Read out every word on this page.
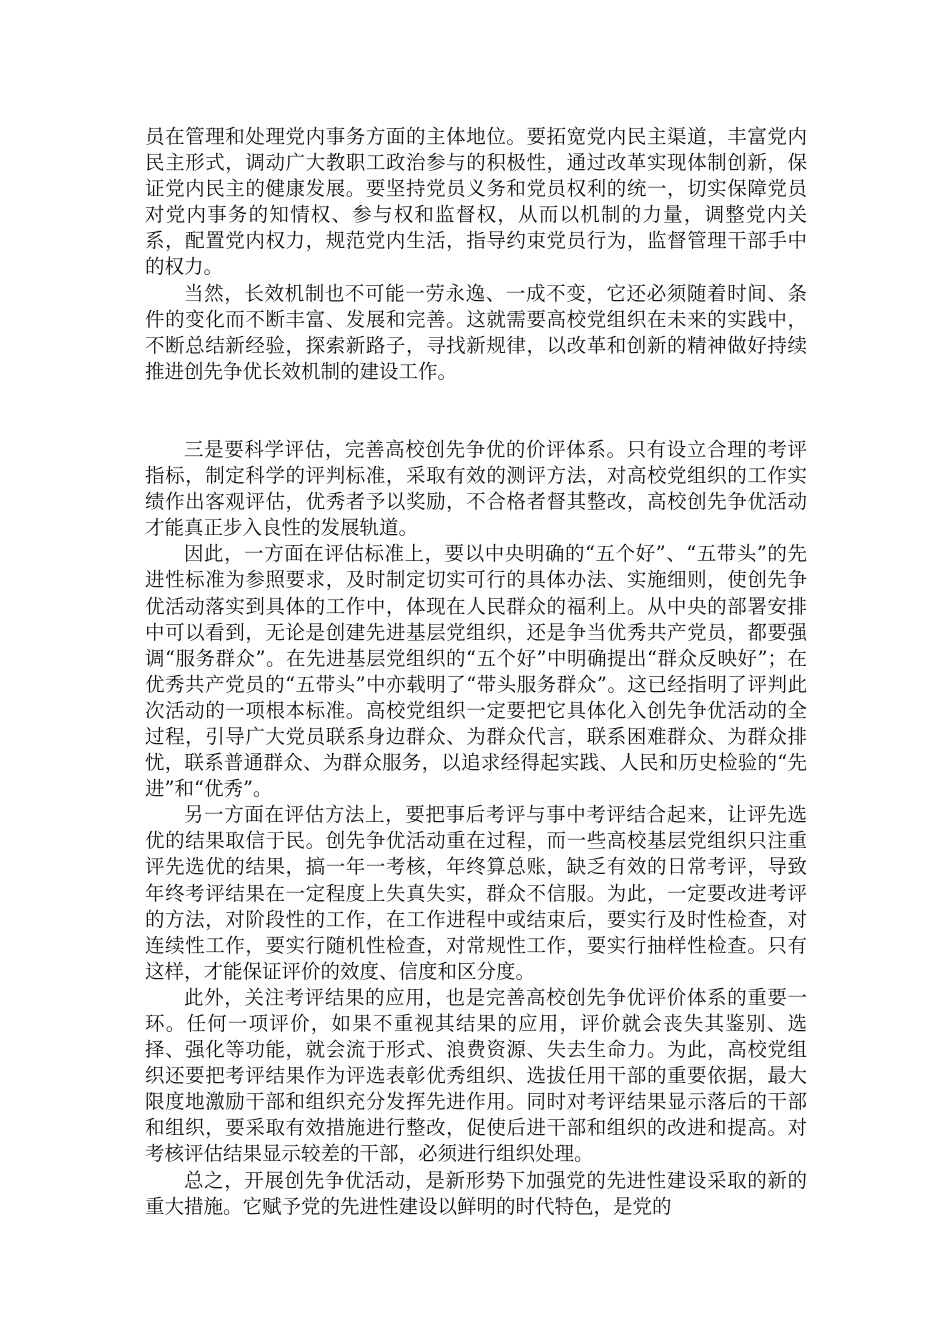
员在管理和处理党内事务方面的主体地位。要拓宽党内民主渠道，丰富党内民主形式，调动广大教职工政治参与的积极性，通过改革实现体制创新，保证党内民主的健康发展。要坚持党员义务和党员权利的统一，切实保障党员对党内事务的知情权、参与权和监督权，从而以机制的力量，调整党内关系，配置党内权力，规范党内生活，指导约束党员行为，监督管理干部手中的权力。

当然，长效机制也不可能一劳永逸、一成不变，它还必须随着时间、条件的变化而不断丰富、发展和完善。这就需要高校党组织在未来的实践中，不断总结新经验，探索新路子，寻找新规律，以改革和创新的精神做好持续推进创先争优长效机制的建设工作。

三是要科学评估，完善高校创先争优的价评体系。只有设立合理的考评指标，制定科学的评判标准，采取有效的测评方法，对高校党组织的工作实绩作出客观评估，优秀者予以奖励，不合格者督其整改，高校创先争优活动才能真正步入良性的发展轨道。

因此，一方面在评估标准上，要以中央明确的“五个好”、“五带头”的先进性标准为参照要求，及时制定切实可行的具体办法、实施细则，使创先争优活动落实到具体的工作中，体现在人民群众的福利上。从中央的部署安排中可以看到，无论是创建先进基层党组织，还是争当优秀共产党员，都要强调“服务群众”。在先进基层党组织的“五个好”中明确提出“群众反映好”；在优秀共产党员的“五带头”中亦载明了“带头服务群众”。这已经指明了评判此次活动的一项根本标准。高校党组织一定要把它具体化入创先争优活动的全过程，引导广大党员联系身边群众、为群众代言，联系困难群众、为群众排忧，联系普通群众、为群众服务，以追求经得起实践、人民和历史检验的“先进”和“优秀”。

另一方面在评估方法上，要把事后考评与事中考评结合起来，让评先选优的结果取信于民。创先争优活动重在过程，而一些高校基层党组织只注重评先选优的结果，搞一年一考核，年终算总账，缺乏有效的日常考评，导致年终考评结果在一定程度上失真失实，群众不信服。为此，一定要改进考评的方法，对阶段性的工作，在工作进程中或结束后，要实行及时性检查，对连续性工作，要实行随机性检查，对常规性工作，要实行抽样性检查。只有这样，才能保证评价的效度、信度和区分度。

此外，关注考评结果的应用，也是完善高校创先争优评价体系的重要一环。任何一项评价，如果不重视其结果的应用，评价就会丧失其鉴别、选择、强化等功能，就会流于形式、浪费资源、失去生命力。为此，高校党组织还要把考评结果作为评选表彰优秀组织、选拔任用干部的重要依据，最大限度地激励干部和组织充分发挥先进作用。同时对考评结果显示落后的干部和组织，要采取有效措施进行整改，促使后进干部和组织的改进和提高。对考核评估结果显示较差的干部，必须进行组织处理。

总之，开展创先争优活动，是新形势下加强党的先进性建设采取的新的重大措施。它赋予党的先进性建设以鲜明的时代特色，是党的
